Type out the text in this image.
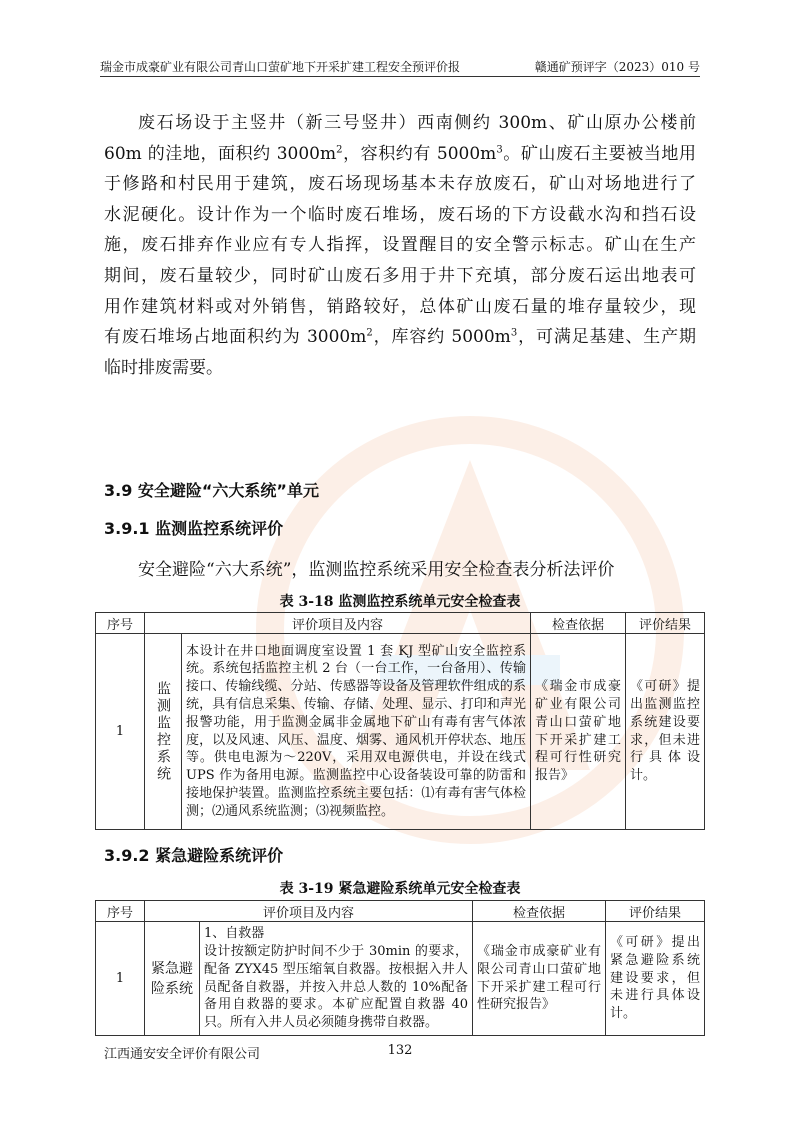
瑞金市成豪矿业有限公司青山口萤矿地下开采扩建工程安全预评价报	赣通矿预评字（2023）010 号
废石场设于主竖井（新三号竖井）西南侧约 300m、矿山原办公楼前
60m 的洼地，面积约 $3000m^2$，容积约有 $5000m^3$。矿山废石主要被当地用
于修路和村民用于建筑，废石场现场基本未存放废石，矿山对场地进行了
水泥硬化。设计作为一个临时废石堆场，废石场的下方设截水沟和挡石设
施，废石排弃作业应有专人指挥，设置醒目的安全警示标志。矿山在生产
期间，废石量较少，同时矿山废石多用于井下充填，部分废石运出地表可
用作建筑材料或对外销售，销路较好，总体矿山废石量的堆存量较少，现
有废石堆场占地面积约为 $3000m^2$，库容约 $5000m^3$，可满足基建、生产期
临时排废需要。
3.9 安全避险“六大系统”单元
3.9.1 监测监控系统评价

安全避险“六大系统”，监测监控系统采用安全检查表分析法评价

表 3-18 监测监控系统单元安全检查表
序号	评价项目及内容		检查依据	评价结果
1	监测监控系统	本设计在井口地面调度室设置 1 套 KJ 型矿山安全监控系统。系统包括监控主机 2 台（一台工作，一台备用）、传输接口、传输线缆、分站、传感器等设备及管理软件组成的系统，具有信息采集、传输、存储、处理、显示、打印和声光报警功能，用于监测金属非金属地下矿山有毒有害气体浓度，以及风速、风压、温度、烟雾、通风机开停状态、地压等。供电电源为～220V，采用双电源供电，并设在线式 UPS 作为备用电源。监测监控中心设备装设可靠的防雷和接地保护装置。监测监控系统主要包括：⑴有毒有害气体检测；⑵通风系统监测；⑶视频监控。	《瑞金市成豪矿业有限公司青山口萤矿地下开采扩建工程可行性研究报告》	《可研》提出监测监控系统建设要求，但未进行具体设计。
3.9.2 紧急避险系统评价
表 3-19 紧急避险系统单元安全检查表
序号	评价项目及内容		检查依据	评价结果
1	紧急避险系统	1、自救器
设计按额定防护时间不少于 30min 的要求，配备 ZYX45 型压缩氧自救器。按根据入井人员配备自救器，并按入井总人数的 10%配备备用自救器的要求。本矿应配置自救器 40 只。所有入井人员必须随身携带自救器。	《瑞金市成豪矿业有限公司青山口萤矿地下开采扩建工程可行性研究报告》	《可研》提出紧急避险系统建设要求，但未进行具体设计。
江西通安安全评价有限公司	132
